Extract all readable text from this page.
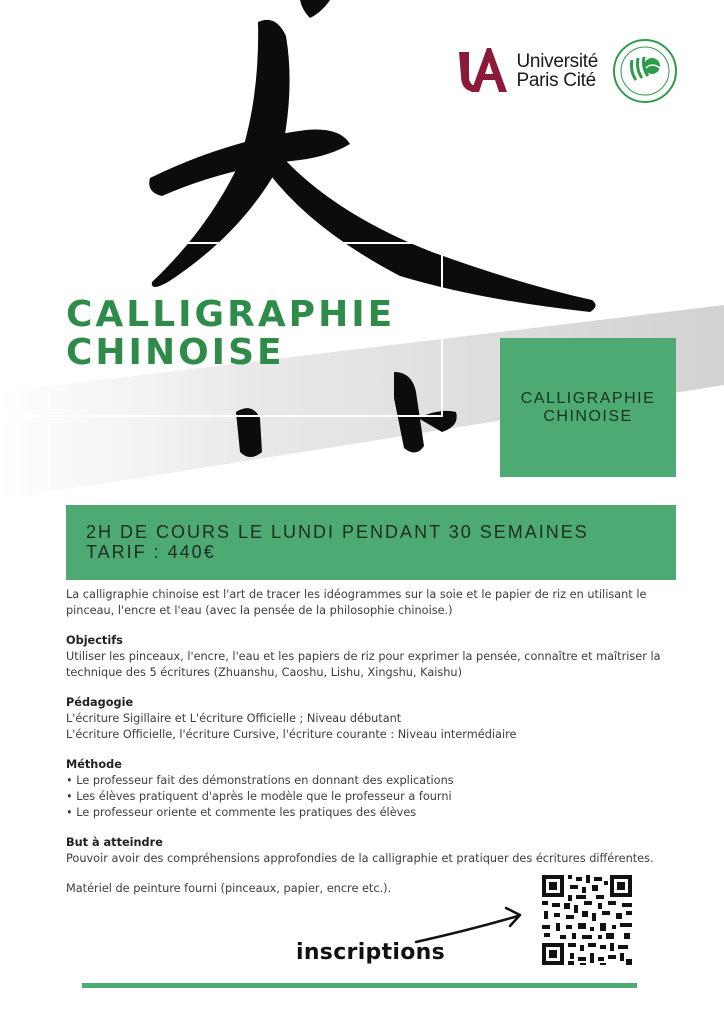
Université
Paris Cité
CALLIGRAPHIE
CHINOISE
CALLIGRAPHIE
CHINOISE
2H DE COURS LE LUNDI PENDANT 30 SEMAINES
TARIF : 440€

La calligraphie chinoise est l'art de tracer les idéogrammes sur la soie et le papier de riz en utilisant le pinceau, l'encre et l'eau (avec la pensée de la philosophie chinoise.)

Objectifs

Utiliser les pinceaux, l'encre, l'eau et les papiers de riz pour exprimer la pensée, connaître et maîtriser la technique des 5 écritures (Zhuanshu, Caoshu, Lishu, Xingshu, Kaishu)

Pédagogie

L'écriture Sigillaire et L'écriture Officielle ; Niveau débutant

L'écriture Officielle, l'écriture Cursive, l'écriture courante : Niveau intermédiaire

Méthode

• Le professeur fait des démonstrations en donnant des explications

• Les élèves pratiquent d'après le modèle que le professeur a fourni

• Le professeur oriente et commente les pratiques des élèves

But à atteindre

Pouvoir avoir des compréhensions approfondies de la calligraphie et pratiquer des écritures différentes.

Matériel de peinture fourni (pinceaux, papier, encre etc.).

inscriptions
